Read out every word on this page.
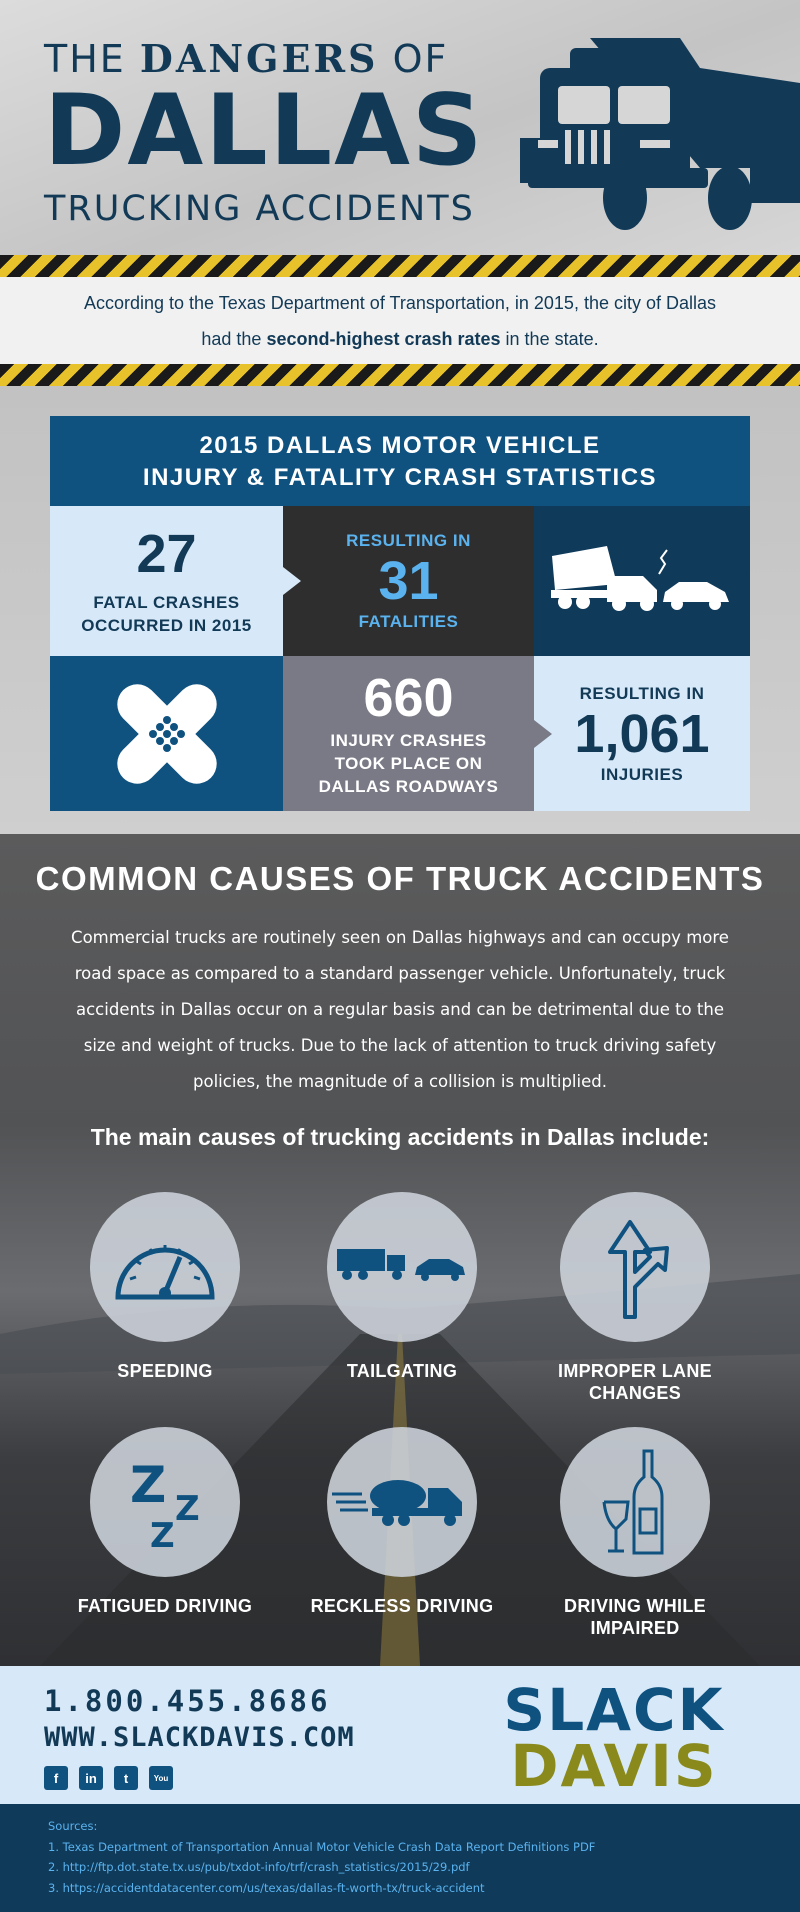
THE DANGERS OF
DALLAS
TRUCKING ACCIDENTS
According to the Texas Department of Transportation, in 2015, the city of Dallas
had the second-highest crash rates in the state.
2015 DALLAS MOTOR VEHICLE
INJURY & FATALITY CRASH STATISTICS
27
FATAL CRASHES
OCCURRED IN 2015
RESULTING IN
31
FATALITIES
660
INJURY CRASHES
TOOK PLACE ON
DALLAS ROADWAYS
RESULTING IN
1,061
INJURIES
COMMON CAUSES OF TRUCK ACCIDENTS
Commercial trucks are routinely seen on Dallas highways and can occupy more
road space as compared to a standard passenger vehicle. Unfortunately, truck
accidents in Dallas occur on a regular basis and can be detrimental due to the
size and weight of trucks. Due to the lack of attention to truck driving safety
policies, the magnitude of a collision is multiplied.
The main causes of trucking accidents in Dallas include:
SPEEDING	TAILGATING	IMPROPER LANE
CHANGES
Z Z
Z
FATIGUED DRIVING	RECKLESS DRIVING	DRIVING WHILE
IMPAIRED
1.800.455.8686
WWW.SLACKDAVIS.COM
f	in	t	You
SLACK
DAVIS
Sources:
1. Texas Department of Transportation Annual Motor Vehicle Crash Data Report Definitions PDF
2. http://ftp.dot.state.tx.us/pub/txdot-info/trf/crash_statistics/2015/29.pdf
3. https://accidentdatacenter.com/us/texas/dallas-ft-worth-tx/truck-accident
